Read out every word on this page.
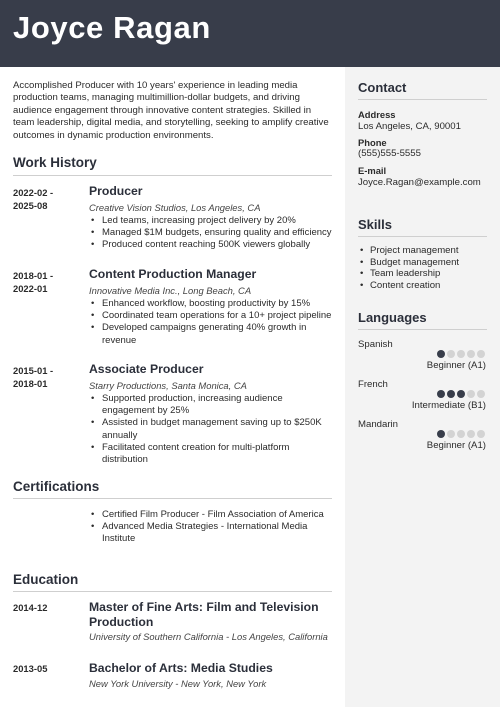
Joyce Ragan
Accomplished Producer with 10 years' experience in leading media production teams, managing multimillion-dollar budgets, and driving audience engagement through innovative content strategies. Skilled in team leadership, digital media, and storytelling, seeking to amplify creative outcomes in dynamic production environments.
Work History
2022-02 -
2025-08
Producer
Creative Vision Studios, Los Angeles, CA
• Led teams, increasing project delivery by 20%
• Managed $1M budgets, ensuring quality and efficiency
• Produced content reaching 500K viewers globally
2018-01 -
2022-01
Content Production Manager
Innovative Media Inc., Long Beach, CA
• Enhanced workflow, boosting productivity by 15%
• Coordinated team operations for a 10+ project pipeline
• Developed campaigns generating 40% growth in revenue
2015-01 -
2018-01
Associate Producer
Starry Productions, Santa Monica, CA
• Supported production, increasing audience engagement by 25%
• Assisted in budget management saving up to $250K annually
• Facilitated content creation for multi-platform distribution
Certifications
• Certified Film Producer - Film Association of America
• Advanced Media Strategies - International Media Institute
Education
2014-12	Master of Fine Arts: Film and Television Production
University of Southern California - Los Angeles, California
2013-05	Bachelor of Arts: Media Studies
New York University - New York, New York
Contact
Address
Los Angeles, CA, 90001
Phone
(555)555-5555
E-mail
Joyce.Ragan@example.com
Skills
• Project management
• Budget management
• Team leadership
• Content creation
Languages
Spanish
Beginner (A1)
French
Intermediate (B1)
Mandarin
Beginner (A1)
